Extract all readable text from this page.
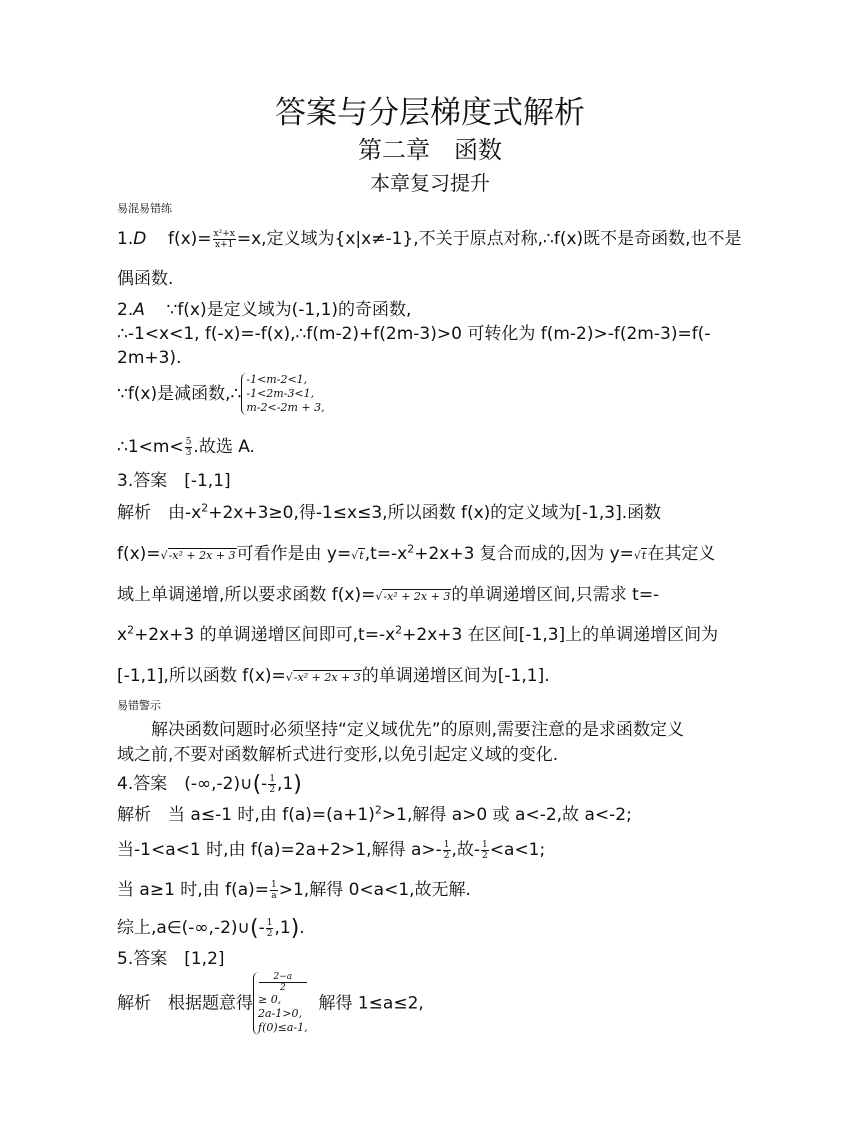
答案与分层梯度式解析
第二章　函数
本章复习提升
易混易错练
1.D $f(x)= \frac{\text{x²+x}}{x+1} =x$,定义域为{x|x≠-1},不关于原点对称,∴f(x)既不是奇函数,也不是
偶函数.
2.A ∵f(x)是定义域为(-1,1)的奇函数,
∴-1<x<1, f(-x)=-f(x),∴f(m-2)+f(2m-3)>0 可转化为 f(m-2)>-f(2m-3)=f(-
2m+3).
∵f(x)是减函数,∴
-1<m-2<1,
-1<2m-3<1,
m-2<-2m + 3,
∴1<m< $\frac{5}{3}$ .故选 A.
3.答案　[-1,1]
解析　由$-x^2+2x+3\ge 0$,得-1≤x≤3,所以函数 f(x)的定义域为[-1,3].函数
f(x)=√-x² + 2x + 3可看作是由 $y=√t,t=-x^2+2x+3$ 复合而成的,因为 y=√t在其定义
域上单调递增,所以要求函数 f(x)=√-x² + 2x + 3的单调递增区间,只需求 t=-
$x^2+2x+3$ 的单调递增区间即可$,t=-x^2+2x+3$ 在区间[-1,3]上的单调递增区间为
[-1,1],所以函数 f(x)=√-x² + 2x + 3的单调递增区间为[-1,1].
易错警示
解决函数问题时必须坚持“定义域优先”的原则,需要注意的是求函数定义
域之前,不要对函数解析式进行变形,以免引起定义域的变化.
4.答案　(-∞,-2)∪(- $\frac{1}{2} ,1$)
解析　当 a≤-1 时,由 $f(a)=(a+1)^2>1$,解得 a>0 或 a<-2,故 a<-2;
当-1<a<1 时,由 f(a)=2a+2>1,解得 $a>- \frac{1}{2}$ ,故- $\frac{1}{2} <a<1$;
当 a≥1 时,由 $f(a)= \frac{1}{a} >1$,解得 0<a<1,故无解.
综上,a∈(-∞,-2)∪(- $\frac{1}{2} ,1$).
5.答案　[1,2]
解析　根据题意得
2−a
2
≥ 0,
2a-1>0,
f(0)≤a-1,
解得 1≤a≤2,
